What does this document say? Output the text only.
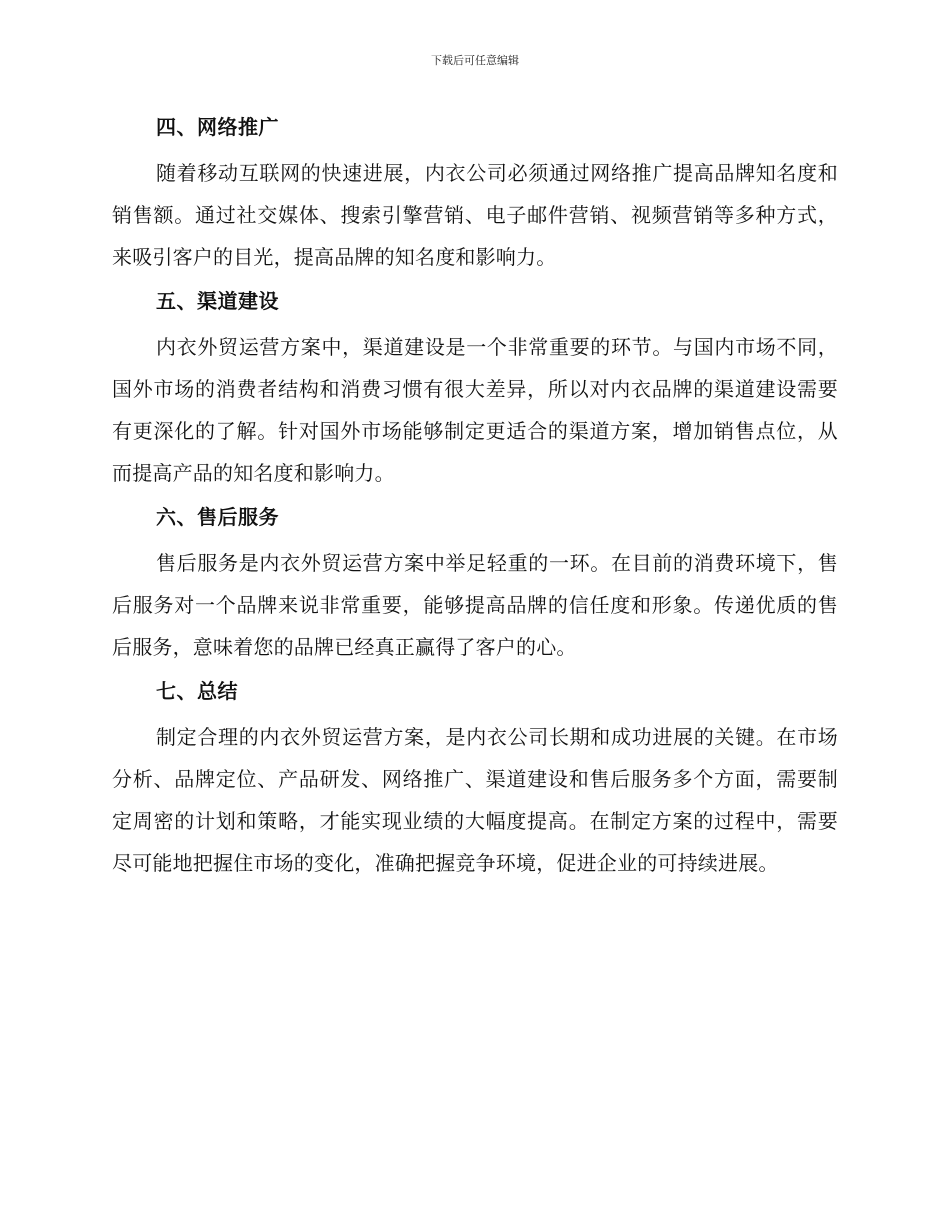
下载后可任意编辑
四、网络推广

随着移动互联网的快速进展，内衣公司必须通过网络推广提高品牌知名度和销售额。通过社交媒体、搜索引擎营销、电子邮件营销、视频营销等多种方式，来吸引客户的目光，提高品牌的知名度和影响力。

五、渠道建设

内衣外贸运营方案中，渠道建设是一个非常重要的环节。与国内市场不同，国外市场的消费者结构和消费习惯有很大差异，所以对内衣品牌的渠道建设需要有更深化的了解。针对国外市场能够制定更适合的渠道方案，增加销售点位，从而提高产品的知名度和影响力。

六、售后服务

售后服务是内衣外贸运营方案中举足轻重的一环。在目前的消费环境下，售后服务对一个品牌来说非常重要，能够提高品牌的信任度和形象。传递优质的售后服务，意味着您的品牌已经真正赢得了客户的心。

七、总结

制定合理的内衣外贸运营方案，是内衣公司长期和成功进展的关键。在市场分析、品牌定位、产品研发、网络推广、渠道建设和售后服务多个方面，需要制定周密的计划和策略，才能实现业绩的大幅度提高。在制定方案的过程中，需要尽可能地把握住市场的变化，准确把握竞争环境，促进企业的可持续进展。
